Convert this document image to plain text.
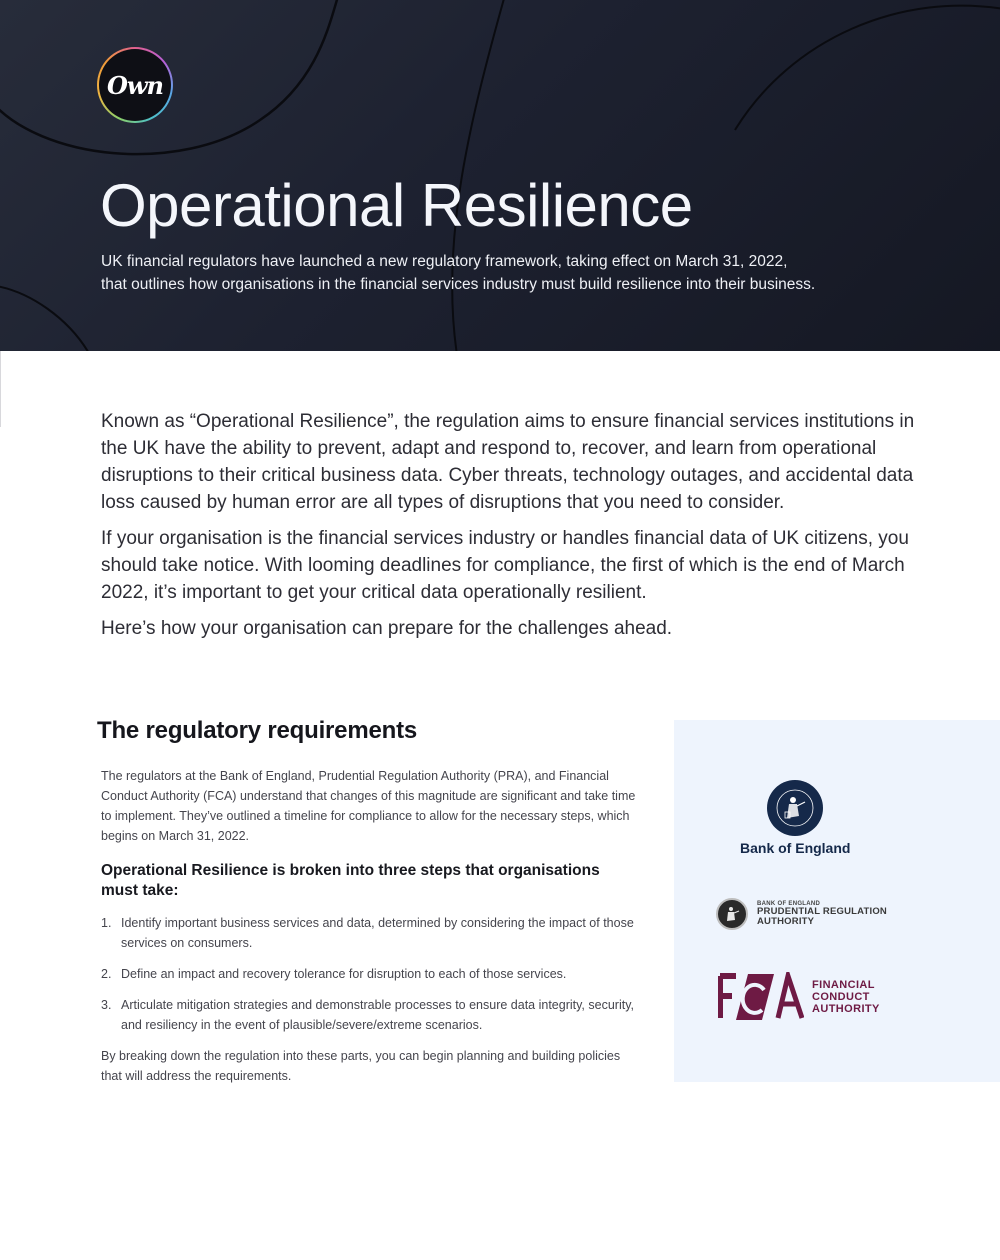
Own
Operational Resilience
UK financial regulators have launched a new regulatory framework, taking effect on March 31, 2022,
that outlines how organisations in the financial services industry must build resilience into their business.

Known as “Operational Resilience”, the regulation aims to ensure financial services institutions in the UK have the ability to prevent, adapt and respond to, recover, and learn from operational disruptions to their critical business data. Cyber threats, technology outages, and accidental data loss caused by human error are all types of disruptions that you need to consider.

If your organisation is the financial services industry or handles financial data of UK citizens, you should take notice. With looming deadlines for compliance, the first of which is the end of March 2022, it’s important to get your critical data operationally resilient.

Here’s how your organisation can prepare for the challenges ahead.

The regulatory requirements

The regulators at the Bank of England, Prudential Regulation Authority (PRA), and Financial Conduct Authority (FCA) understand that changes of this magnitude are significant and take time to implement. They’ve outlined a timeline for compliance to allow for the necessary steps, which begins on March 31, 2022.

Operational Resilience is broken into three steps that organisations must take:
1. Identify important business services and data, determined by considering the impact of those services on consumers.
2. Define an impact and recovery tolerance for disruption to each of those services.
3. Articulate mitigation strategies and demonstrable processes to ensure data integrity, security, and resiliency in the event of plausible/severe/extreme scenarios.

By breaking down the regulation into these parts, you can begin planning and building policies that will address the requirements.

Bank of England
BANK OF ENGLAND
PRUDENTIAL REGULATION
AUTHORITY
FINANCIAL
CONDUCT
AUTHORITY
